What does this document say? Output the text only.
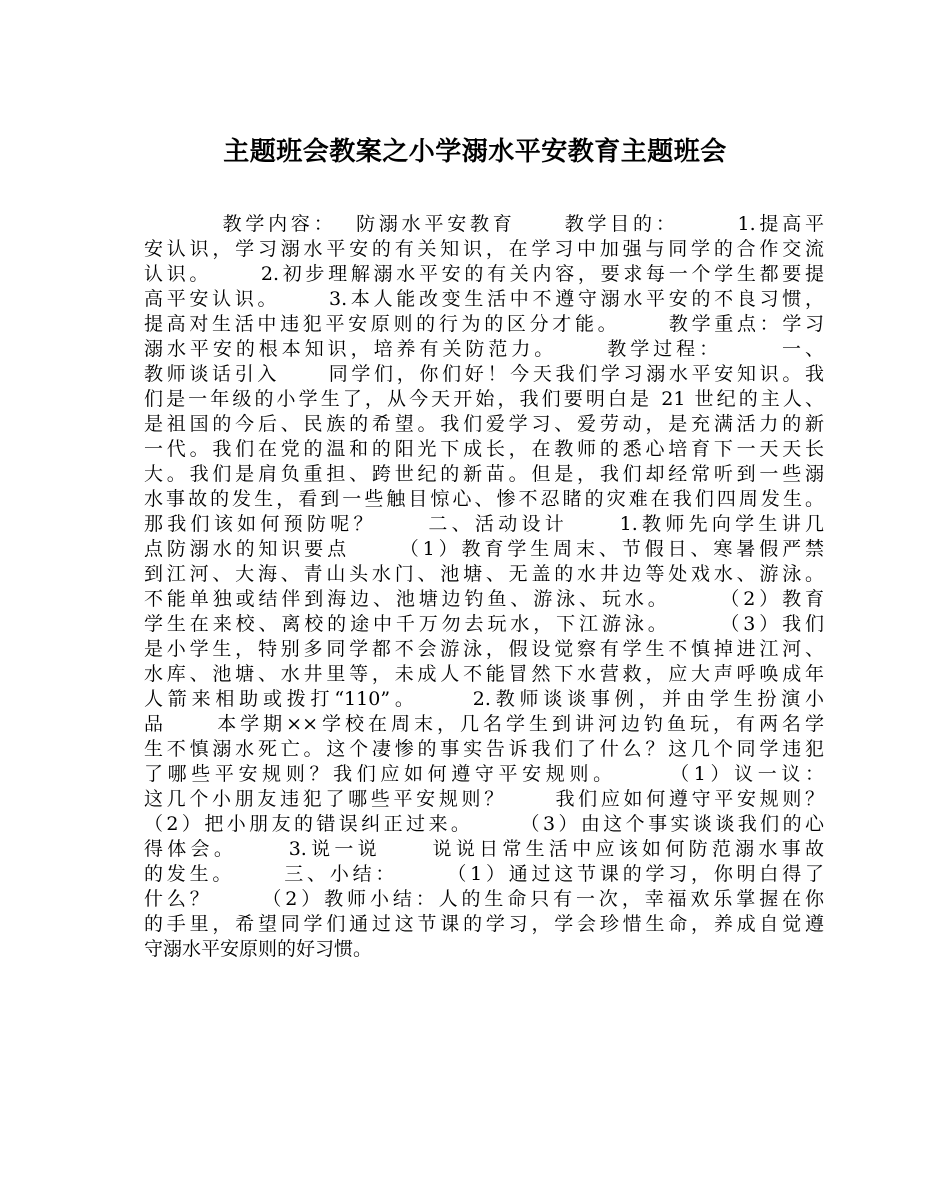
主题班会教案之小学溺水平安教育主题班会
教学内容：  防溺水平安教育     教学目的：      1.提高平
安认识，学习溺水平安的有关知识，在学习中加强与同学的合作交流
认识。     2.初步理解溺水平安的有关内容，要求每一个学生都要提
高平安认识。     3.本人能改变生活中不遵守溺水平安的不良习惯，
提高对生活中违犯平安原则的行为的区分才能。     教学重点：学习
溺水平安的根本知识，培养有关防范力。     教学过程：      一、
教师谈话引入     同学们，你们好！今天我们学习溺水平安知识。我
们是一年级的小学生了，从今天开始，我们要明白是 21 世纪的主人、
是祖国的今后、民族的希望。我们爱学习、爱劳动，是充满活力的新
一代。我们在党的温和的阳光下成长，在教师的悉心培育下一天天长
大。我们是肩负重担、跨世纪的新苗。但是，我们却经常听到一些溺
水事故的发生，看到一些触目惊心、惨不忍睹的灾难在我们四周发生。
那我们该如何预防呢？     二、活动设计     1.教师先向学生讲几
点防溺水的知识要点     （1）教育学生周末、节假日、寒暑假严禁
到江河、大海、青山头水门、池塘、无盖的水井边等处戏水、游泳。
不能单独或结伴到海边、池塘边钓鱼、游泳、玩水。     （2）教育
学生在来校、离校的途中千万勿去玩水，下江游泳。     （3）我们
是小学生，特别多同学都不会游泳，假设觉察有学生不慎掉进江河、
水库、池塘、水井里等，未成人不能冒然下水营救，应大声呼唤成年
人箭来相助或拨打“110”。     2.教师谈谈事例，并由学生扮演小
品     本学期××学校在周末，几名学生到讲河边钓鱼玩，有两名学
生不慎溺水死亡。这个凄惨的事实告诉我们了什么？这几个同学违犯
了哪些平安规则？我们应如何遵守平安规则。     （1）议一议：
这几个小朋友违犯了哪些平安规则？     我们应如何遵守平安规则？
（2）把小朋友的错误纠正过来。     （3）由这个事实谈谈我们的心
得体会。     3.说一说     说说日常生活中应该如何防范溺水事故
的发生。     三、小结：     （1）通过这节课的学习，你明白得了
什么？     （2）教师小结：人的生命只有一次，幸福欢乐掌握在你
的手里，希望同学们通过这节课的学习，学会珍惜生命，养成自觉遵
守溺水平安原则的好习惯。
